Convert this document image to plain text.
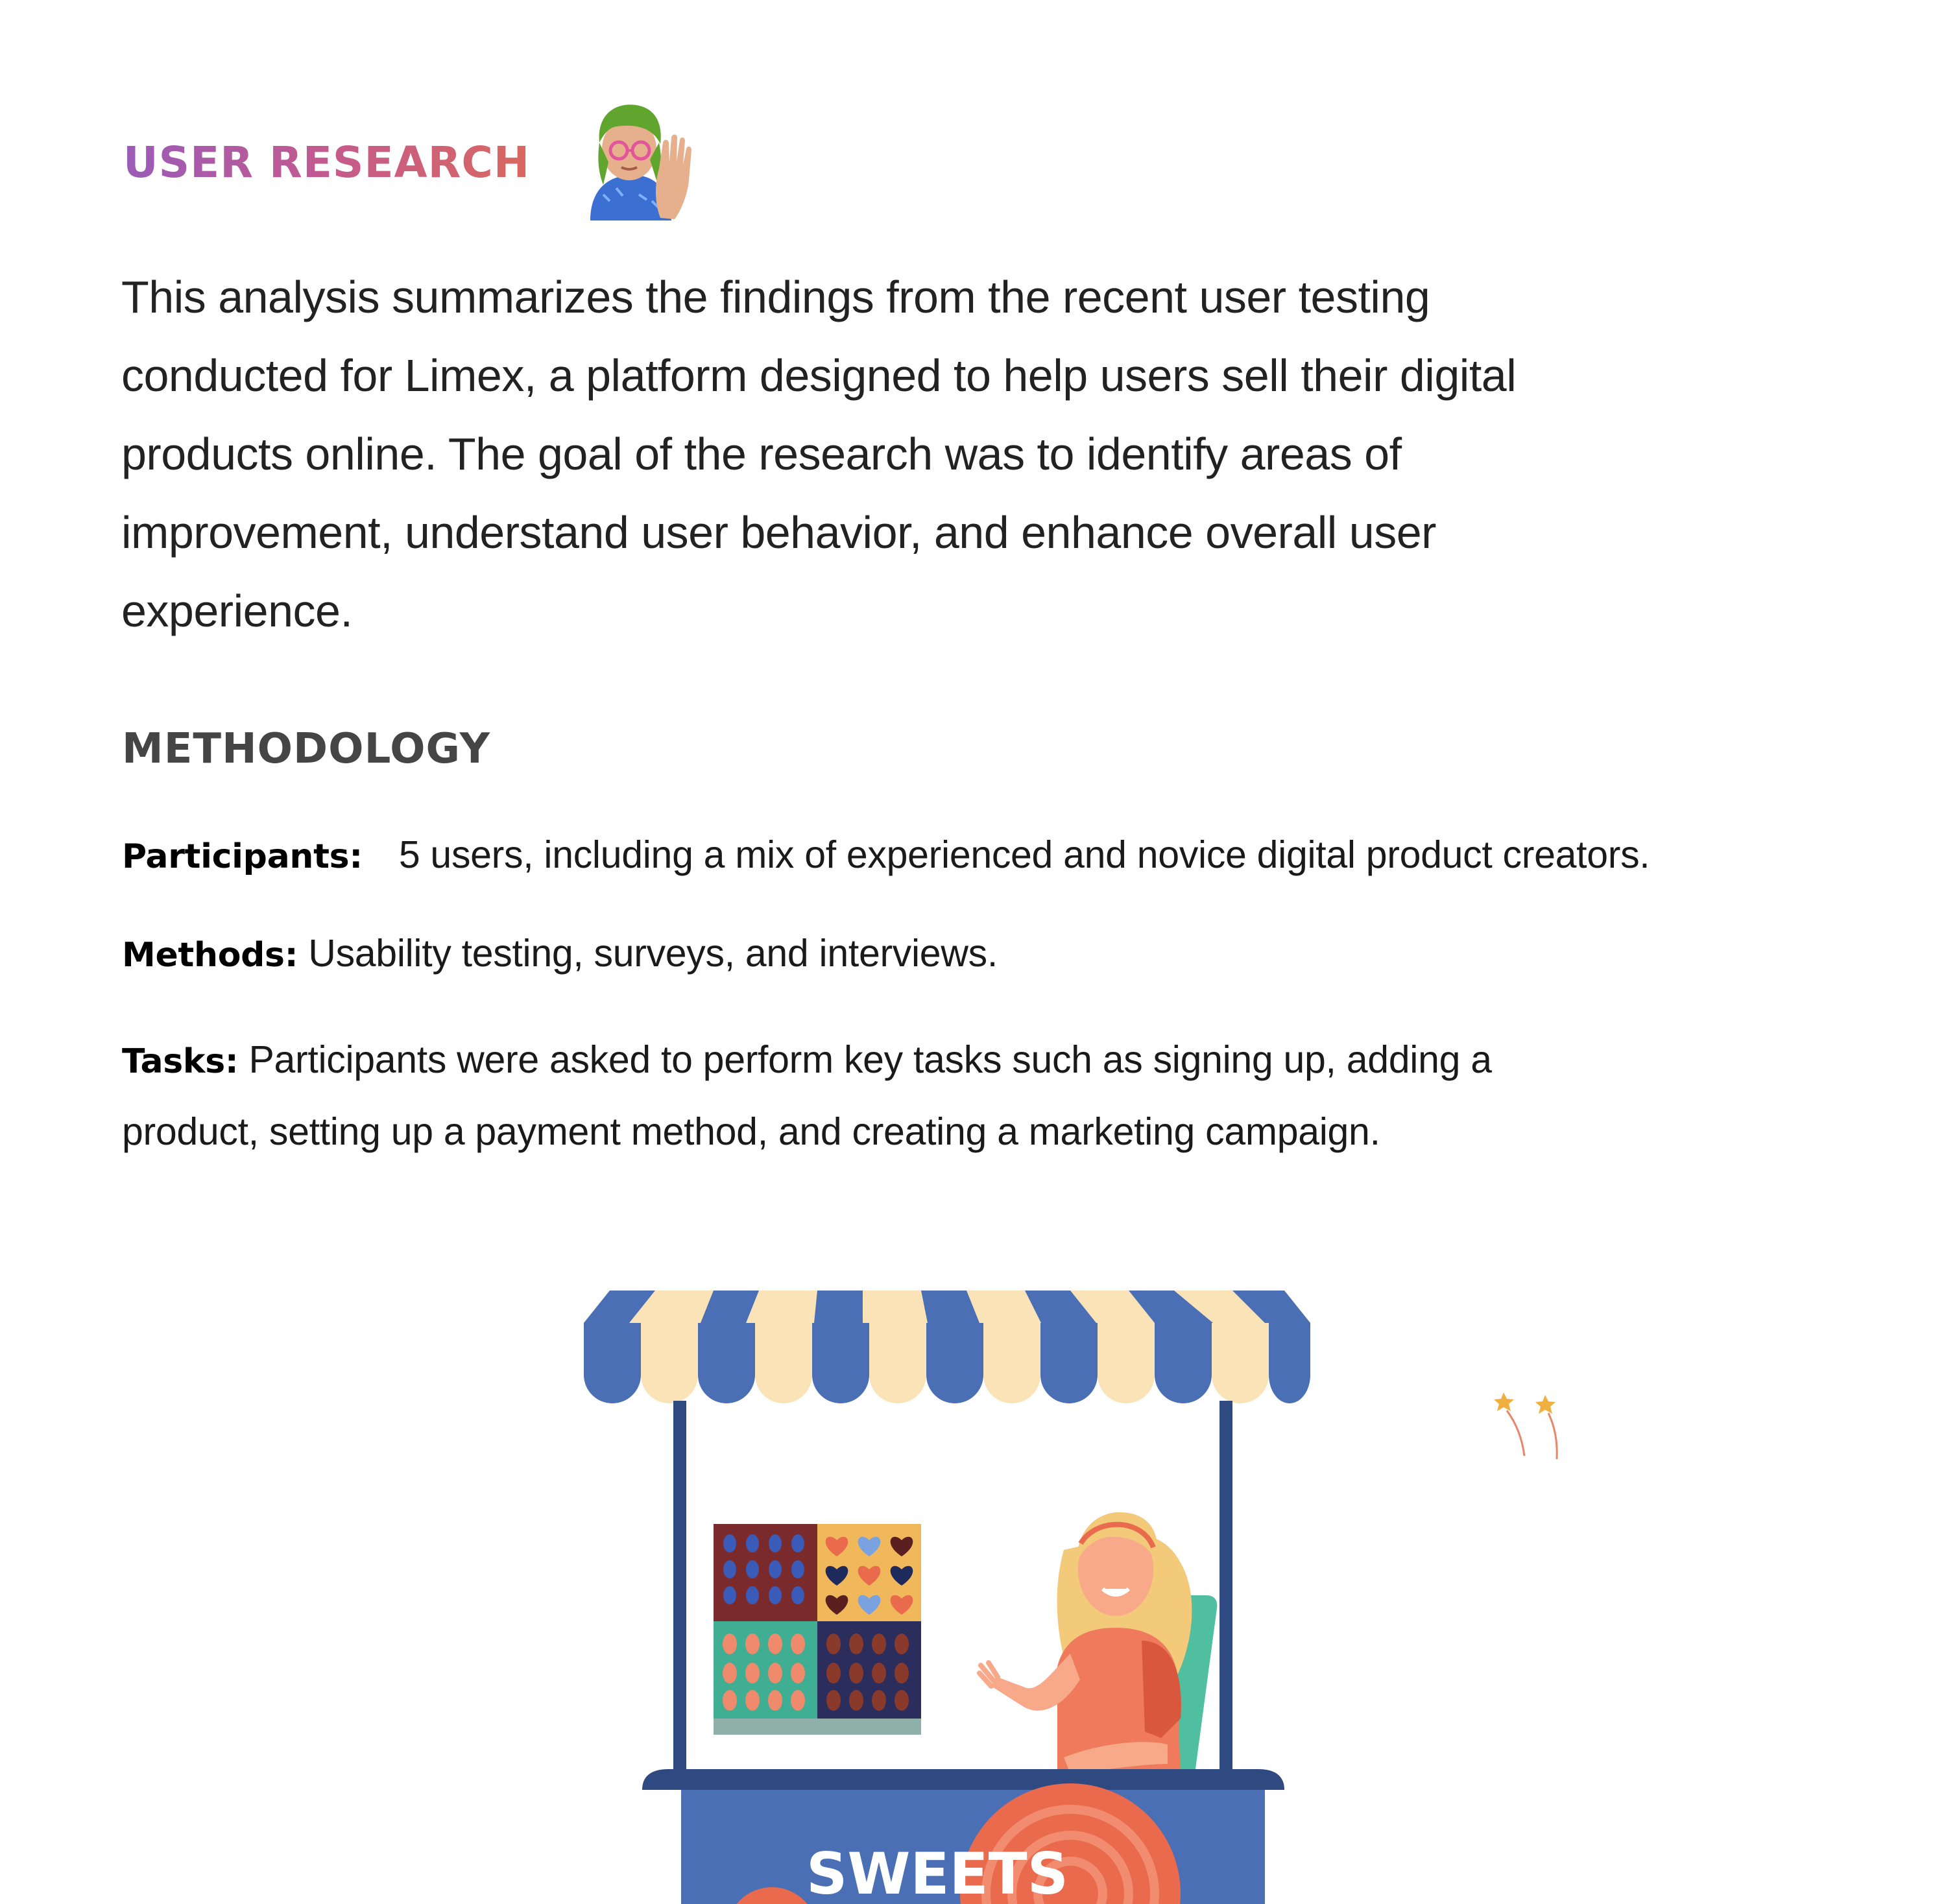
USER RESEARCH

This analysis summarizes the findings from the recent user testing conducted for Limex, a platform designed to help users sell their digital products online. The goal of the research was to identify areas of improvement, understand user behavior, and enhance overall user experience.

METHODOLOGY

Participants: 5 users, including a mix of experienced and novice digital product creators.

Methods: Usability testing, surveys, and interviews.

Tasks: Participants were asked to perform key tasks such as signing up, adding a product, setting up a payment method, and creating a marketing campaign.

SWEETS
